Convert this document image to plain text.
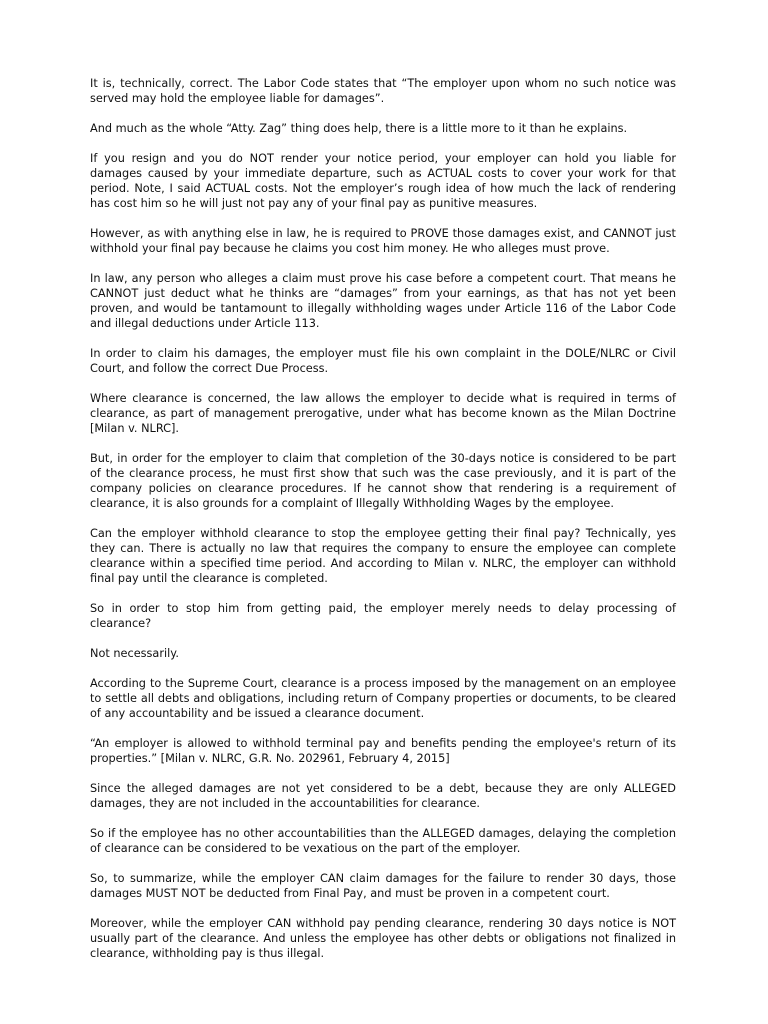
It is, technically, correct. The Labor Code states that “The employer upon whom no such notice was served may hold the employee liable for damages”.

And much as the whole “Atty. Zag” thing does help, there is a little more to it than he explains.

If you resign and you do NOT render your notice period, your employer can hold you liable for damages caused by your immediate departure, such as ACTUAL costs to cover your work for that period. Note, I said ACTUAL costs. Not the employer’s rough idea of how much the lack of rendering has cost him so he will just not pay any of your final pay as punitive measures.

However, as with anything else in law, he is required to PROVE those damages exist, and CANNOT just withhold your final pay because he claims you cost him money. He who alleges must prove.

In law, any person who alleges a claim must prove his case before a competent court. That means he CANNOT just deduct what he thinks are “damages” from your earnings, as that has not yet been proven, and would be tantamount to illegally withholding wages under Article 116 of the Labor Code and illegal deductions under Article 113.

In order to claim his damages, the employer must file his own complaint in the DOLE/NLRC or Civil Court, and follow the correct Due Process.

Where clearance is concerned, the law allows the employer to decide what is required in terms of clearance, as part of management prerogative, under what has become known as the Milan Doctrine [Milan v. NLRC].

But, in order for the employer to claim that completion of the 30-days notice is considered to be part of the clearance process, he must first show that such was the case previously, and it is part of the company policies on clearance procedures. If he cannot show that rendering is a requirement of clearance, it is also grounds for a complaint of Illegally Withholding Wages by the employee.

Can the employer withhold clearance to stop the employee getting their final pay? Technically, yes they can. There is actually no law that requires the company to ensure the employee can complete clearance within a specified time period. And according to Milan v. NLRC, the employer can withhold final pay until the clearance is completed.

So in order to stop him from getting paid, the employer merely needs to delay processing of clearance?

Not necessarily.

According to the Supreme Court, clearance is a process imposed by the management on an employee to settle all debts and obligations, including return of Company properties or documents, to be cleared of any accountability and be issued a clearance document.

“An employer is allowed to withhold terminal pay and benefits pending the employee's return of its properties.” [Milan v. NLRC, G.R. No. 202961, February 4, 2015]

Since the alleged damages are not yet considered to be a debt, because they are only ALLEGED damages, they are not included in the accountabilities for clearance.

So if the employee has no other accountabilities than the ALLEGED damages, delaying the completion of clearance can be considered to be vexatious on the part of the employer.

So, to summarize, while the employer CAN claim damages for the failure to render 30 days, those damages MUST NOT be deducted from Final Pay, and must be proven in a competent court.

Moreover, while the employer CAN withhold pay pending clearance, rendering 30 days notice is NOT usually part of the clearance. And unless the employee has other debts or obligations not finalized in clearance, withholding pay is thus illegal.
